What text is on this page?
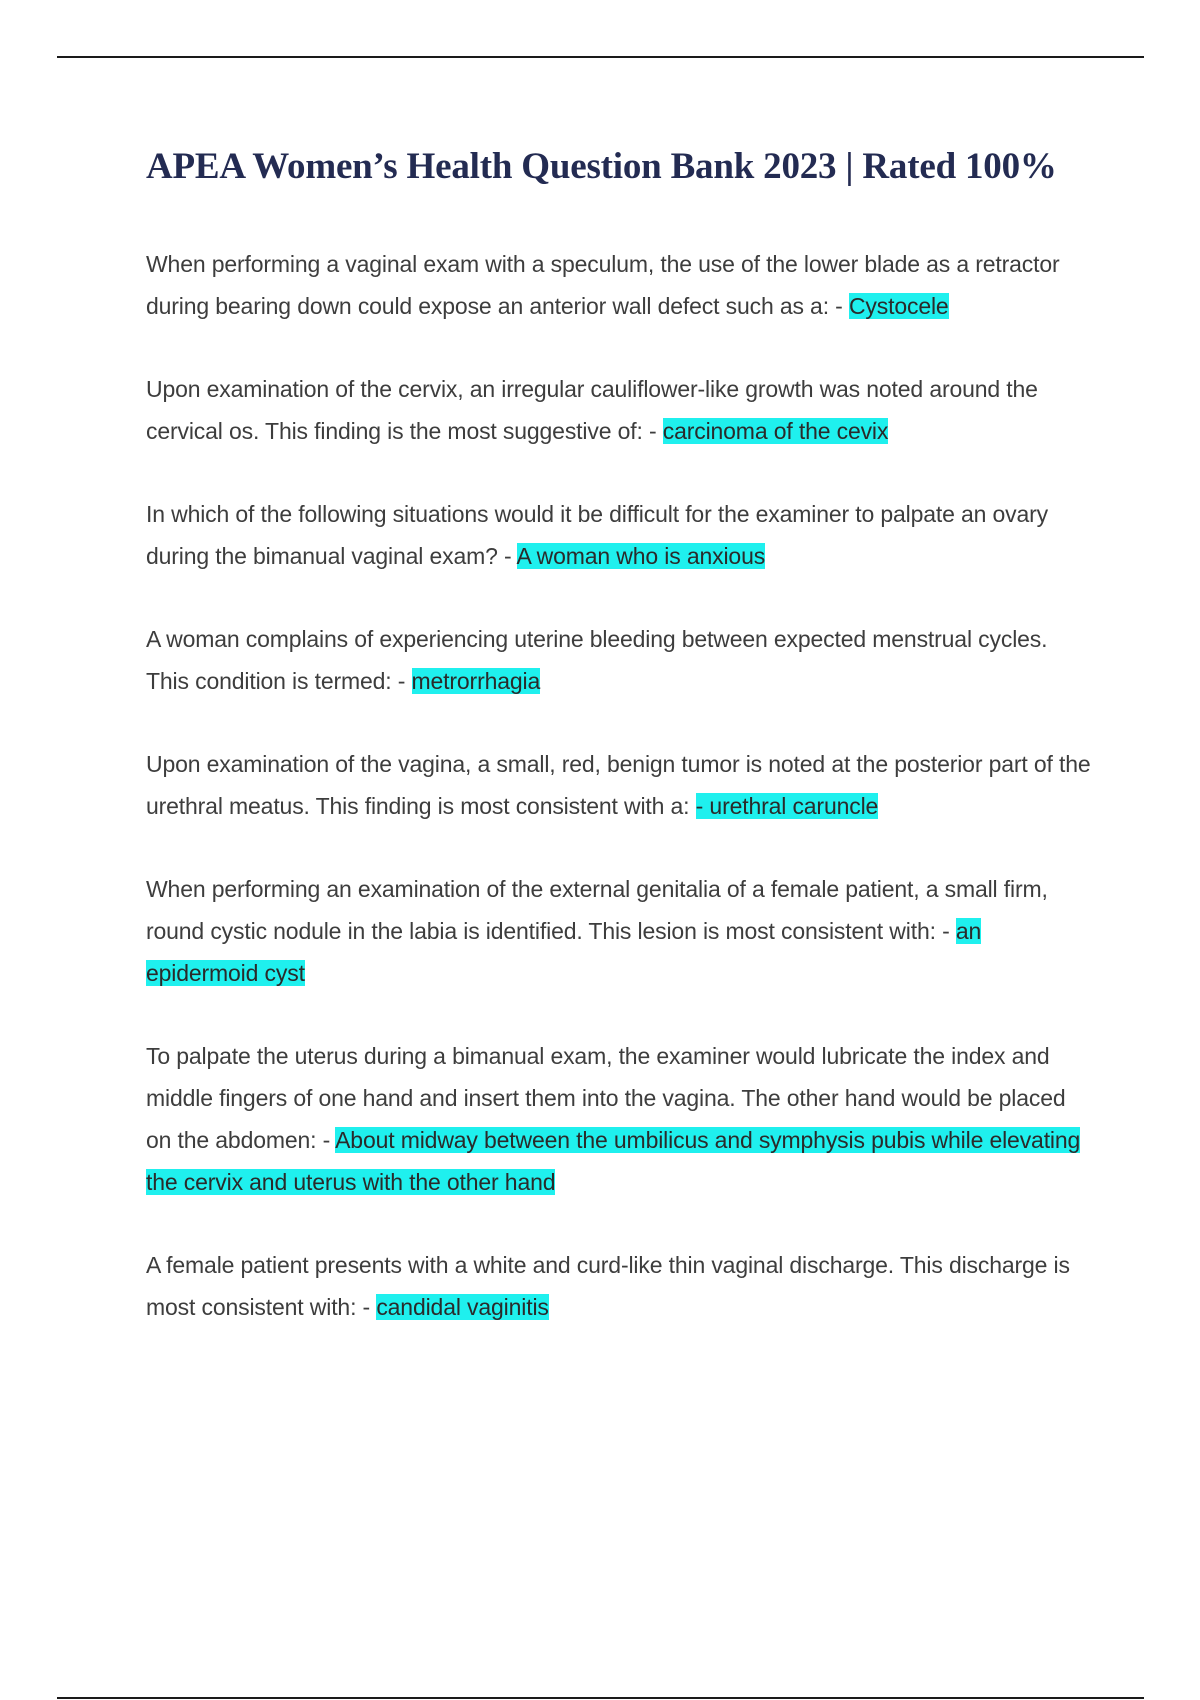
APEA Women’s Health Question Bank 2023 | Rated 100%

When performing a vaginal exam with a speculum, the use of the lower blade as a retractor during bearing down could expose an anterior wall defect such as a: - Cystocele

Upon examination of the cervix, an irregular cauliflower-like growth was noted around the cervical os. This finding is the most suggestive of: - carcinoma of the cevix

In which of the following situations would it be difficult for the examiner to palpate an ovary during the bimanual vaginal exam? - A woman who is anxious

A woman complains of experiencing uterine bleeding between expected menstrual cycles. This condition is termed: - metrorrhagia

Upon examination of the vagina, a small, red, benign tumor is noted at the posterior part of the urethral meatus. This finding is most consistent with a: - urethral caruncle

When performing an examination of the external genitalia of a female patient, a small firm, round cystic nodule in the labia is identified. This lesion is most consistent with: - an epidermoid cyst

To palpate the uterus during a bimanual exam, the examiner would lubricate the index and middle fingers of one hand and insert them into the vagina. The other hand would be placed on the abdomen: - About midway between the umbilicus and symphysis pubis while elevating the cervix and uterus with the other hand

A female patient presents with a white and curd-like thin vaginal discharge. This discharge is most consistent with: - candidal vaginitis
